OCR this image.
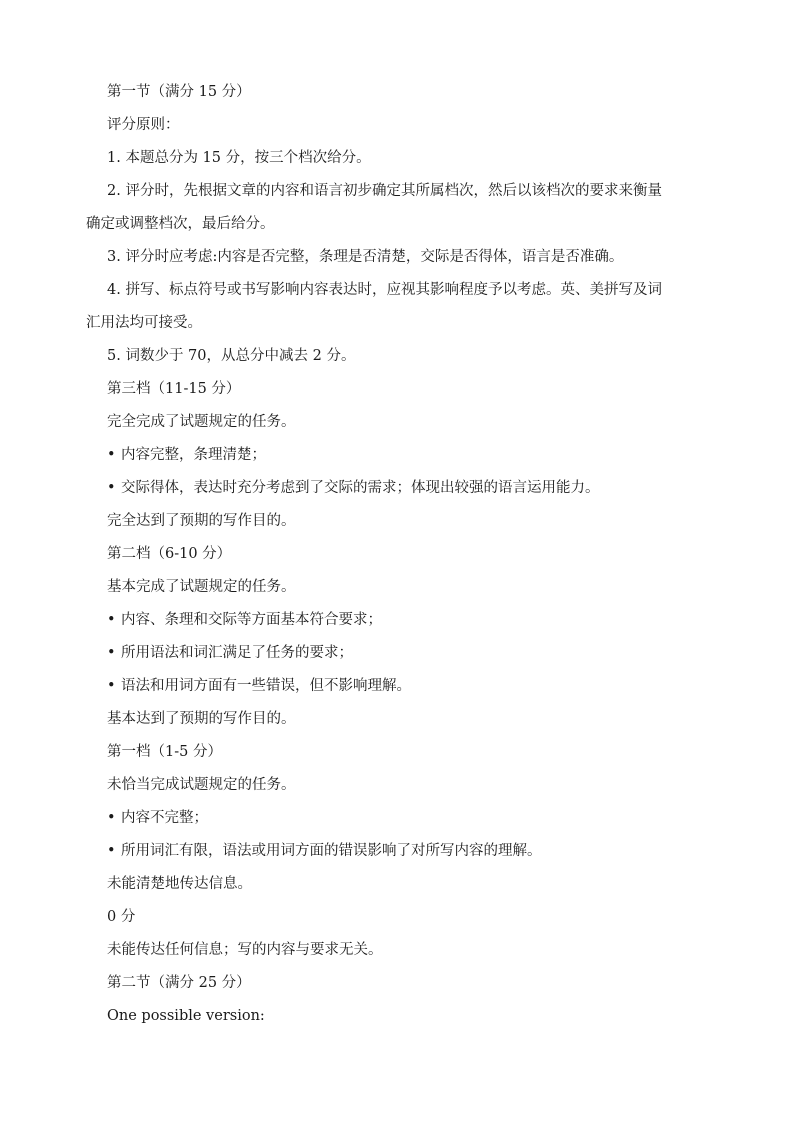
第一节（满分 15 分）

评分原则：

1. 本题总分为 15 分，按三个档次给分。

2. 评分时，先根据文章的内容和语言初步确定其所属档次，然后以该档次的要求来衡量
确定或调整档次，最后给分。

3. 评分时应考虑:内容是否完整，条理是否清楚，交际是否得体，语言是否准确。

4. 拼写、标点符号或书写影响内容表达时，应视其影响程度予以考虑。英、美拼写及词
汇用法均可接受。

5. 词数少于 70，从总分中减去 2 分。

第三档（11-15 分）

完全完成了试题规定的任务。

• 内容完整，条理清楚；

• 交际得体，表达时充分考虑到了交际的需求；体现出较强的语言运用能力。

完全达到了预期的写作目的。

第二档（6-10 分）

基本完成了试题规定的任务。

• 内容、条理和交际等方面基本符合要求；

• 所用语法和词汇满足了任务的要求；

• 语法和用词方面有一些错误，但不影响理解。

基本达到了预期的写作目的。

第一档（1-5 分）

未恰当完成试题规定的任务。

• 内容不完整；

• 所用词汇有限，语法或用词方面的错误影响了对所写内容的理解。

未能清楚地传达信息。

0 分

未能传达任何信息；写的内容与要求无关。

第二节（满分 25 分）

One possible version:
